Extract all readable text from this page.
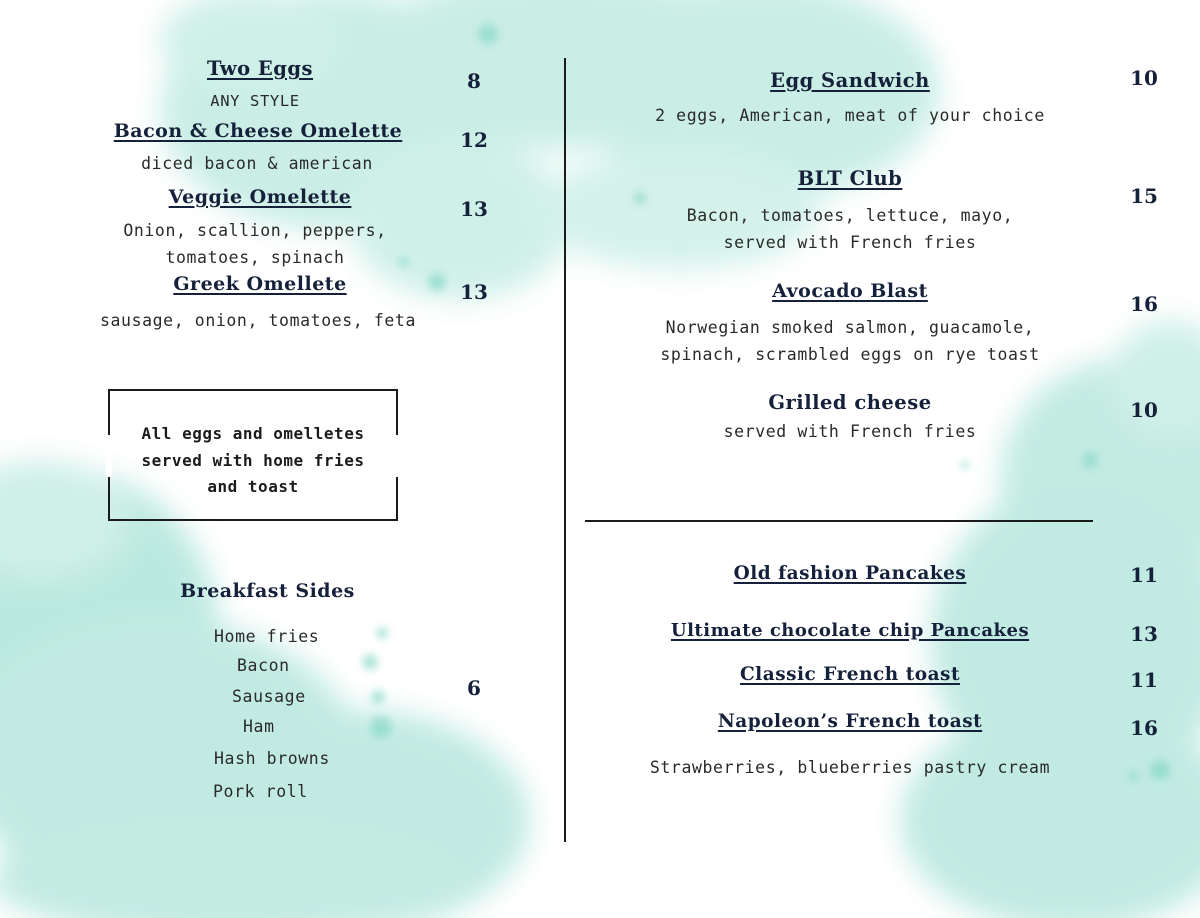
Two Eggs
ANY STYLE
8
Bacon & Cheese Omelette
diced bacon & american
12
Veggie Omelette
Onion, scallion, peppers,
tomatoes, spinach
13
Greek Omellete
sausage, onion, tomatoes, feta
13
All eggs and omelletes
served with home fries
and toast
Breakfast Sides
Home fries
Bacon
Sausage
Ham
Hash browns
Pork roll
6
Egg Sandwich
2 eggs, American, meat of your choice
10
BLT Club
Bacon, tomatoes, lettuce, mayo,
served with French fries
15
Avocado Blast
Norwegian smoked salmon, guacamole,
spinach, scrambled eggs on rye toast
16
Grilled cheese
served with French fries
10
Old fashion Pancakes	11
Ultimate chocolate chip Pancakes	13
Classic French toast	11
Napoleon’s French toast	16
Strawberries, blueberries pastry cream
